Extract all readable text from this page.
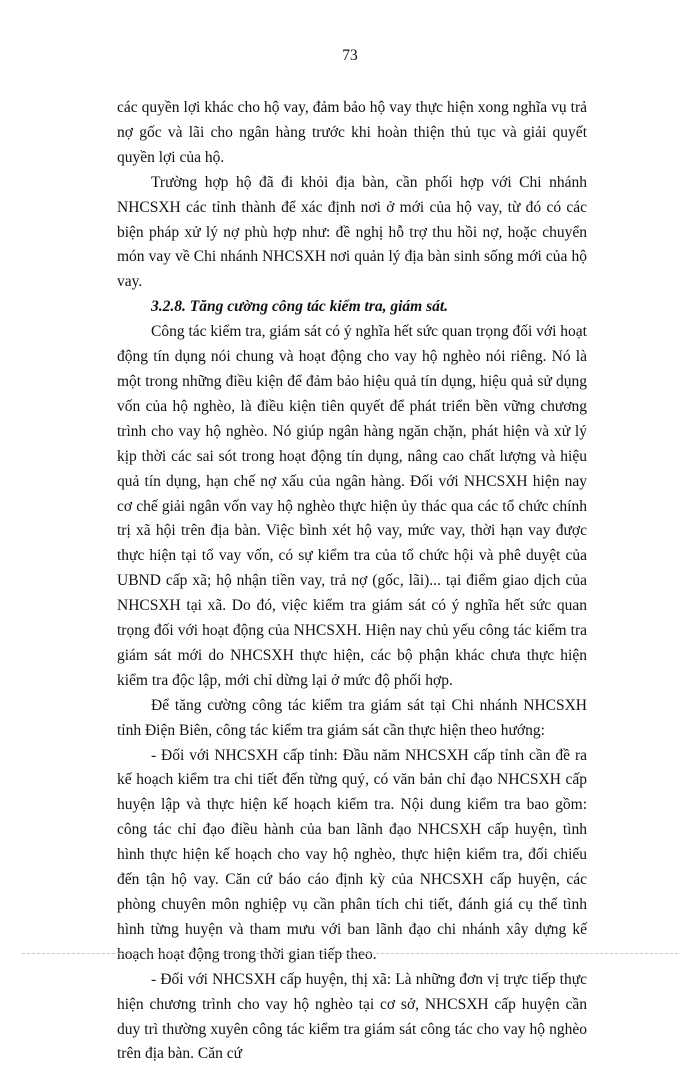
73

các quyền lợi khác cho hộ vay, đảm bảo hộ vay thực hiện xong nghĩa vụ trả nợ gốc và lãi cho ngân hàng trước khi hoàn thiện thủ tục và giải quyết quyền lợi của hộ.

Trường hợp hộ đã đi khỏi địa bàn, cần phối hợp với Chi nhánh NHCSXH các tỉnh thành để xác định nơi ở mới của hộ vay, từ đó có các biện pháp xử lý nợ phù hợp như: đề nghị hỗ trợ thu hồi nợ, hoặc chuyển món vay về Chi nhánh NHCSXH nơi quản lý địa bàn sinh sống mới của hộ vay.

3.2.8. Tăng cường công tác kiểm tra, giám sát.

Công tác kiểm tra, giám sát có ý nghĩa hết sức quan trọng đối với hoạt động tín dụng nói chung và hoạt động cho vay hộ nghèo nói riêng. Nó là một trong những điều kiện để đảm bảo hiệu quả tín dụng, hiệu quả sử dụng vốn của hộ nghèo, là điều kiện tiên quyết để phát triển bền vững chương trình cho vay hộ nghèo. Nó giúp ngân hàng ngăn chặn, phát hiện và xử lý kịp thời các sai sót trong hoạt động tín dụng, nâng cao chất lượng và hiệu quả tín dụng, hạn chế nợ xấu của ngân hàng. Đối với NHCSXH hiện nay cơ chế giải ngân vốn vay hộ nghèo thực hiện ủy thác qua các tổ chức chính trị xã hội trên địa bàn. Việc bình xét hộ vay, mức vay, thời hạn vay được thực hiện tại tổ vay vốn, có sự kiểm tra của tổ chức hội và phê duyệt của UBND cấp xã; hộ nhận tiền vay, trả nợ (gốc, lãi)... tại điểm giao dịch của NHCSXH tại xã. Do đó, việc kiểm tra giám sát có ý nghĩa hết sức quan trọng đối với hoạt động của NHCSXH. Hiện nay chủ yếu công tác kiểm tra giám sát mới do NHCSXH thực hiện, các bộ phận khác chưa thực hiện kiểm tra độc lập, mới chỉ dừng lại ở mức độ phối hợp.

Để tăng cường công tác kiểm tra giám sát tại Chi nhánh NHCSXH tỉnh Điện Biên, công tác kiểm tra giám sát cần thực hiện theo hướng:

- Đối với NHCSXH cấp tỉnh: Đầu năm NHCSXH cấp tỉnh cần đề ra kế hoạch kiểm tra chi tiết đến từng quý, có văn bản chỉ đạo NHCSXH cấp huyện lập và thực hiện kế hoạch kiểm tra. Nội dung kiểm tra bao gồm: công tác chỉ đạo điều hành của ban lãnh đạo NHCSXH cấp huyện, tình hình thực hiện kế hoạch cho vay hộ nghèo, thực hiện kiểm tra, đối chiếu đến tận hộ vay. Căn cứ báo cáo định kỳ của NHCSXH cấp huyện, các phòng chuyên môn nghiệp vụ cần phân tích chi tiết, đánh giá cụ thể tình hình từng huyện và tham mưu với ban lãnh đạo chi nhánh xây dựng kế hoạch hoạt động trong thời gian tiếp theo.

- Đối với NHCSXH cấp huyện, thị xã: Là những đơn vị trực tiếp thực hiện chương trình cho vay hộ nghèo tại cơ sở, NHCSXH cấp huyện cần duy trì thường xuyên công tác kiểm tra giám sát công tác cho vay hộ nghèo trên địa bàn. Căn cứ
